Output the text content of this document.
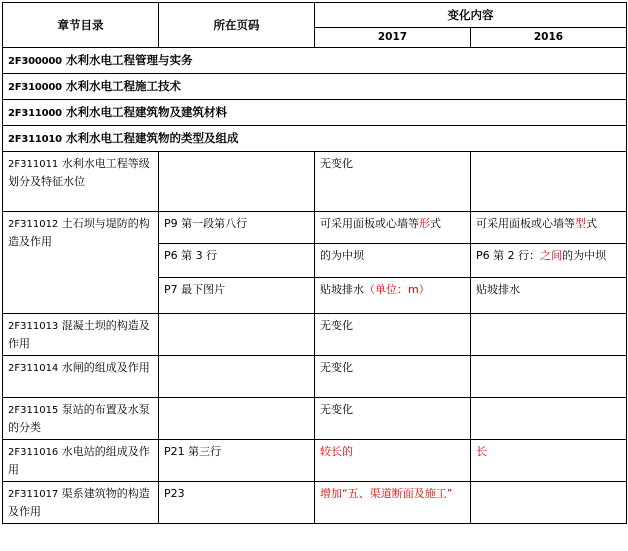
章节目录	所在页码	变化内容	
		2017	2016
2F300000 水利水电工程管理与实务			
2F310000 水利水电工程施工技术			
2F311000 水利水电工程建筑物及建筑材料			
2F311010 水利水电工程建筑物的类型及组成			
2F311011 水利水电工程等级划分及特征水位		无变化	
2F311012 土石坝与堤防的构造及作用	P9 第一段第八行	可采用面板或心墙等形式	可采用面板或心墙等型式
	P6 第 3 行	的为中坝	P6 第 2 行：之间的为中坝
	P7 最下图片	贴坡排水（单位：m）	贴坡排水
2F311013 混凝土坝的构造及作用		无变化	
2F311014 水闸的组成及作用		无变化	
2F311015 泵站的布置及水泵的分类		无变化	
2F311016 水电站的组成及作用	P21 第三行	较长的	长
2F311017 渠系建筑物的构造及作用	P23	增加“五、渠道断面及施工”	
